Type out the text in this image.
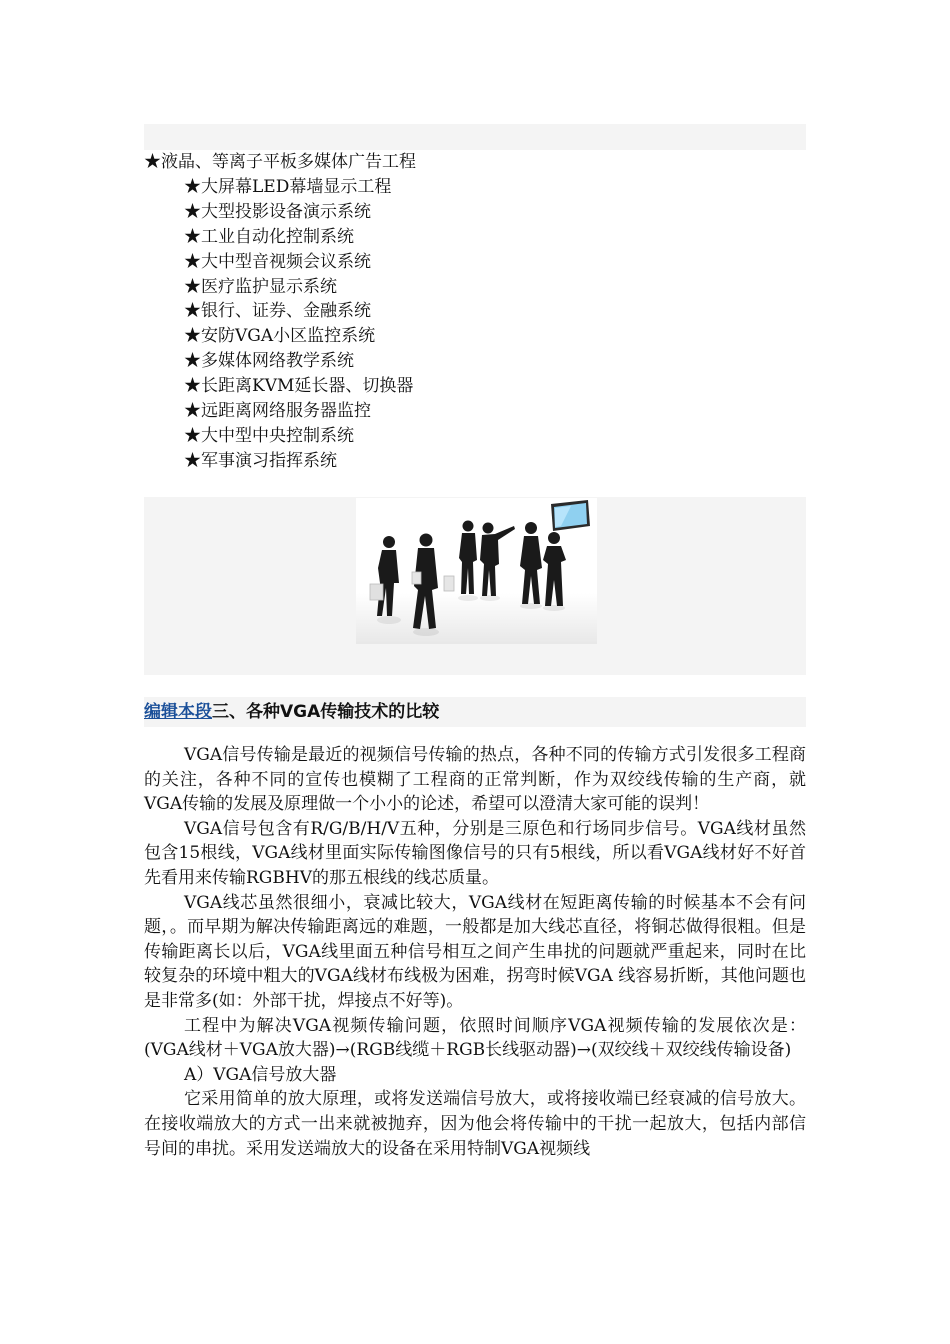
★液晶、等离子平板多媒体广告工程
★大屏幕LED幕墙显示工程
★大型投影设备演示系统
★工业自动化控制系统
★大中型音视频会议系统
★医疗监护显示系统
★银行、证券、金融系统
★安防VGA小区监控系统
★多媒体网络教学系统
★长距离KVM延长器、切换器
★远距离网络服务器监控
★大中型中央控制系统
★军事演习指挥系统
编辑本段三、各种VGA传输技术的比较

VGA信号传输是最近的视频信号传输的热点，各种不同的传输方式引发很多工程商的关注，各种不同的宣传也模糊了工程商的正常判断，作为双绞线传输的生产商，就VGA传输的发展及原理做一个小小的论述，希望可以澄清大家可能的误判！

VGA信号包含有R/G/B/H/V五种，分别是三原色和行场同步信号。VGA线材虽然包含15根线，VGA线材里面实际传输图像信号的只有5根线，所以看VGA线材好不好首先看用来传输RGBHV的那五根线的线芯质量。

VGA线芯虽然很细小，衰减比较大，VGA线材在短距离传输的时候基本不会有问题，。而早期为解决传输距离远的难题，一般都是加大线芯直径，将铜芯做得很粗。但是传输距离长以后，VGA线里面五种信号相互之间产生串扰的问题就严重起来，同时在比较复杂的环境中粗大的VGA线材布线极为困难，拐弯时候VGA 线容易折断，其他问题也是非常多(如：外部干扰，焊接点不好等)。

工程中为解决VGA视频传输问题，依照时间顺序VGA视频传输的发展依次是：(VGA线材＋VGA放大器)→(RGB线缆＋RGB长线驱动器)→(双绞线＋双绞线传输设备)

A）VGA信号放大器

它采用简单的放大原理，或将发送端信号放大，或将接收端已经衰减的信号放大。在接收端放大的方式一出来就被抛弃，因为他会将传输中的干扰一起放大，包括内部信号间的串扰。采用发送端放大的设备在采用特制VGA视频线
